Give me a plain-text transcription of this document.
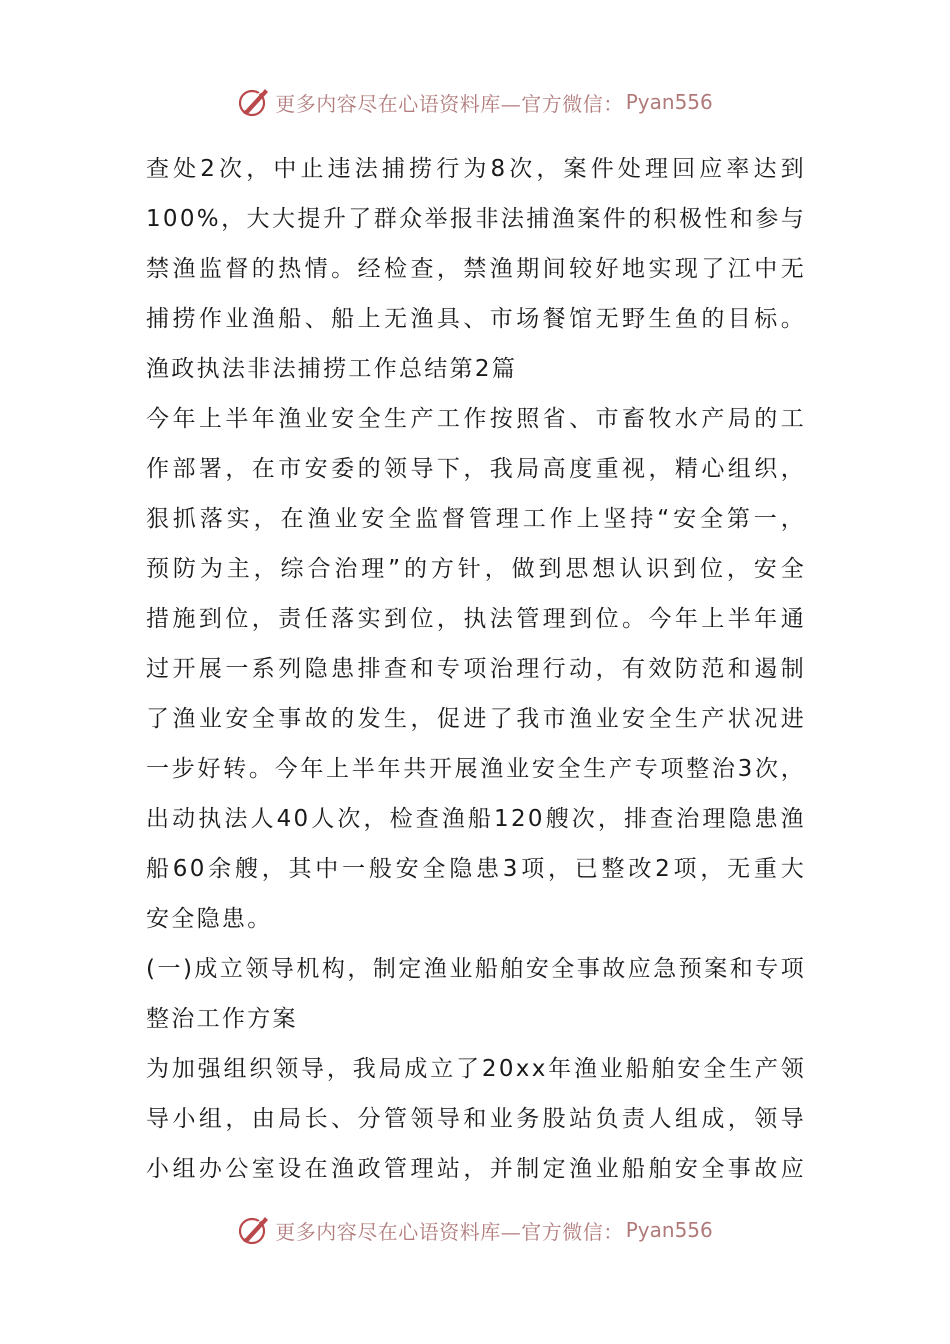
更多内容尽在心语资料库—官方微信： Pyan556
查处2次，中止违法捕捞行为8次，案件处理回应率达到
100%，大大提升了群众举报非法捕渔案件的积极性和参与
禁渔监督的热情。经检查，禁渔期间较好地实现了江中无
捕捞作业渔船、船上无渔具、市场餐馆无野生鱼的目标。
渔政执法非法捕捞工作总结第2篇
今年上半年渔业安全生产工作按照省、市畜牧水产局的工
作部署，在市安委的领导下，我局高度重视，精心组织，
狠抓落实，在渔业安全监督管理工作上坚持“安全第一，
预防为主，综合治理”的方针，做到思想认识到位，安全
措施到位，责任落实到位，执法管理到位。今年上半年通
过开展一系列隐患排查和专项治理行动，有效防范和遏制
了渔业安全事故的发生，促进了我市渔业安全生产状况进
一步好转。今年上半年共开展渔业安全生产专项整治3次，
出动执法人40人次，检查渔船120艘次，排查治理隐患渔
船60余艘，其中一般安全隐患3项，已整改2项，无重大
安全隐患。
(一)成立领导机构，制定渔业船舶安全事故应急预案和专项
整治工作方案
为加强组织领导，我局成立了20xx年渔业船舶安全生产领
导小组，由局长、分管领导和业务股站负责人组成，领导
小组办公室设在渔政管理站，并制定渔业船舶安全事故应
更多内容尽在心语资料库—官方微信： Pyan556
